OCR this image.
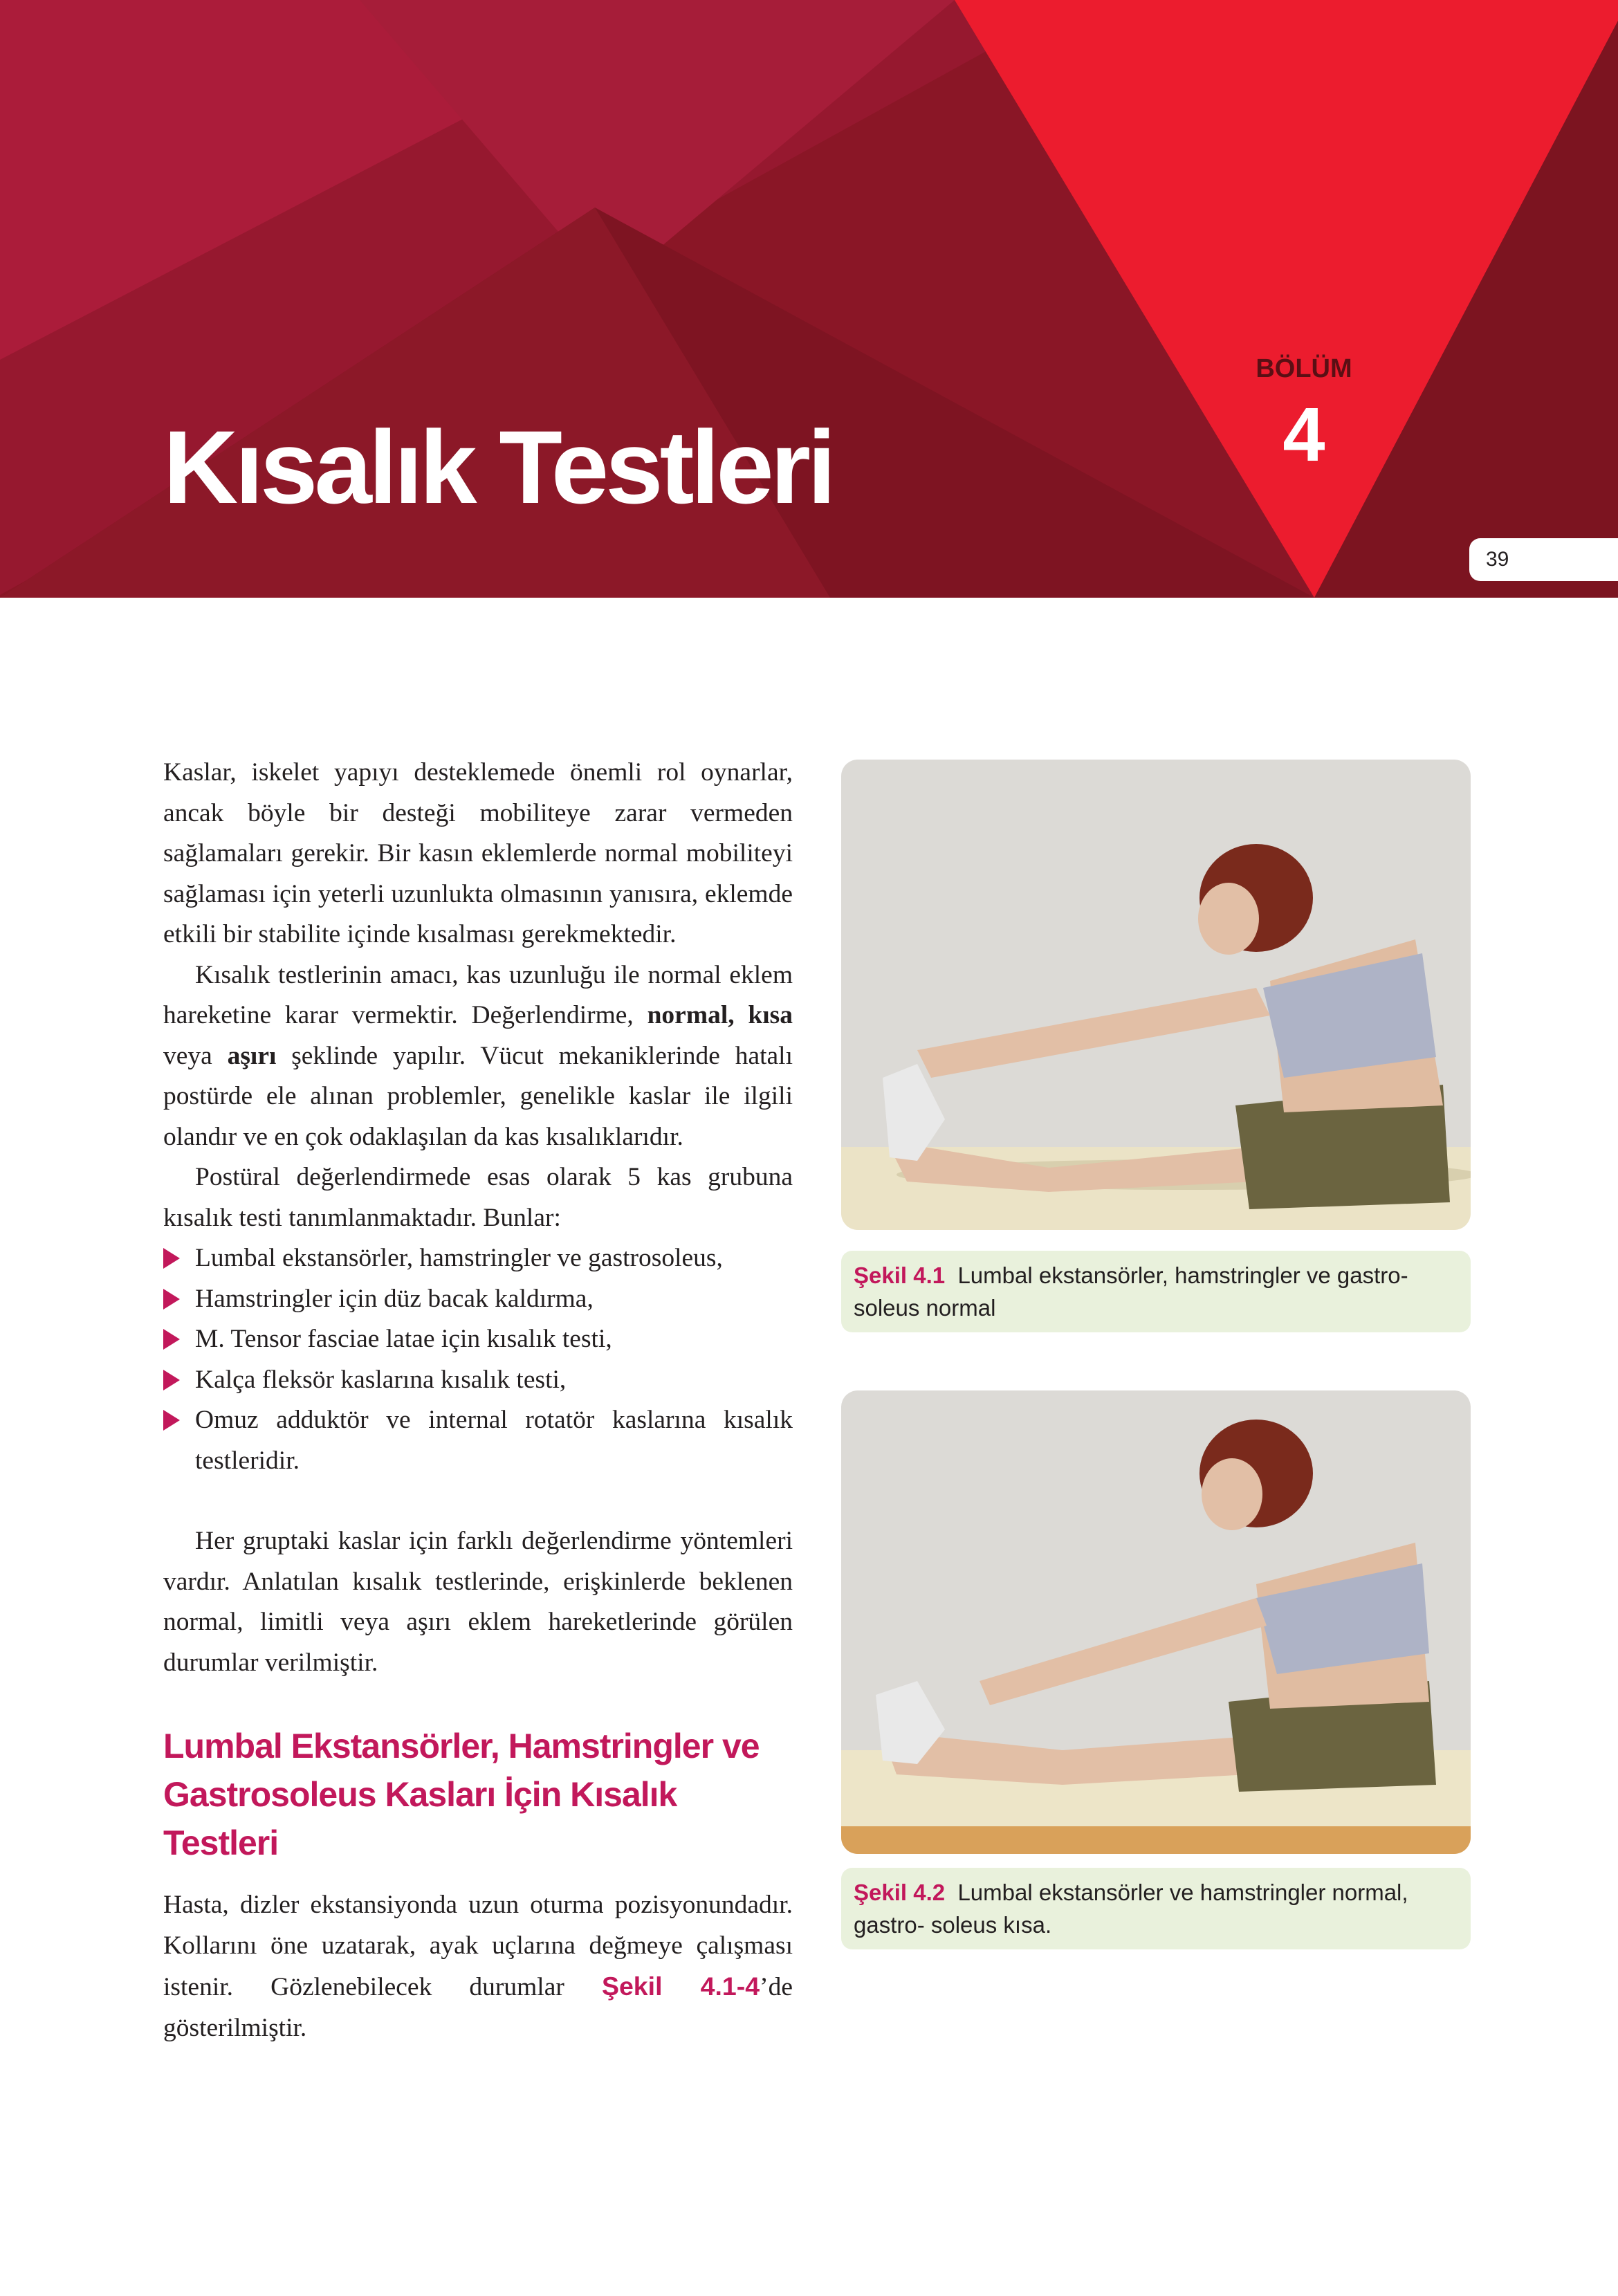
Kısalık Testleri
BÖLÜM
4
39

Kaslar, iskelet yapıyı desteklemede önemli rol oynarlar, ancak böyle bir desteği mobiliteye zarar vermeden sağlamaları gerekir. Bir kasın eklemlerde normal mobiliteyi sağlaması için yeterli uzunlukta olmasının yanısıra, eklemde etkili bir stabilite içinde kısalması gerekmektedir.

Kısalık testlerinin amacı, kas uzunluğu ile normal eklem hareketine karar vermektir. Değerlendirme, normal, kısa veya aşırı şeklinde yapılır. Vücut mekaniklerinde hatalı postürde ele alınan problemler, genelikle kaslar ile ilgili olandır ve en çok odaklaşılan da kas kısalıklarıdır.

Postüral değerlendirmede esas olarak 5 kas grubuna kısalık testi tanımlanmaktadır. Bunlar:

Lumbal ekstansörler, hamstringler ve gastrosoleus,
Hamstringler için düz bacak kaldırma,
M. Tensor fasciae latae için kısalık testi,
Kalça fleksör kaslarına kısalık testi,
Omuz adduktör ve internal rotatör kaslarına kısalık testleridir.

Her gruptaki kaslar için farklı değerlendirme yöntemleri vardır. Anlatılan kısalık testlerinde, erişkinlerde beklenen normal, limitli veya aşırı eklem hareketlerinde görülen durumlar verilmiştir.

Lumbal Ekstansörler, Hamstringler ve Gastrosoleus Kasları İçin Kısalık Testleri

Hasta, dizler ekstansiyonda uzun oturma pozisyonundadır. Kollarını öne uzatarak, ayak uçlarına değmeye çalışması istenir. Gözlenebilecek durumlar Şekil 4.1-4’de gösterilmiştir.

Şekil 4.1 Lumbal ekstansörler, hamstringler ve gastro- soleus normal
Şekil 4.2 Lumbal ekstansörler ve hamstringler normal, gastro- soleus kısa.
